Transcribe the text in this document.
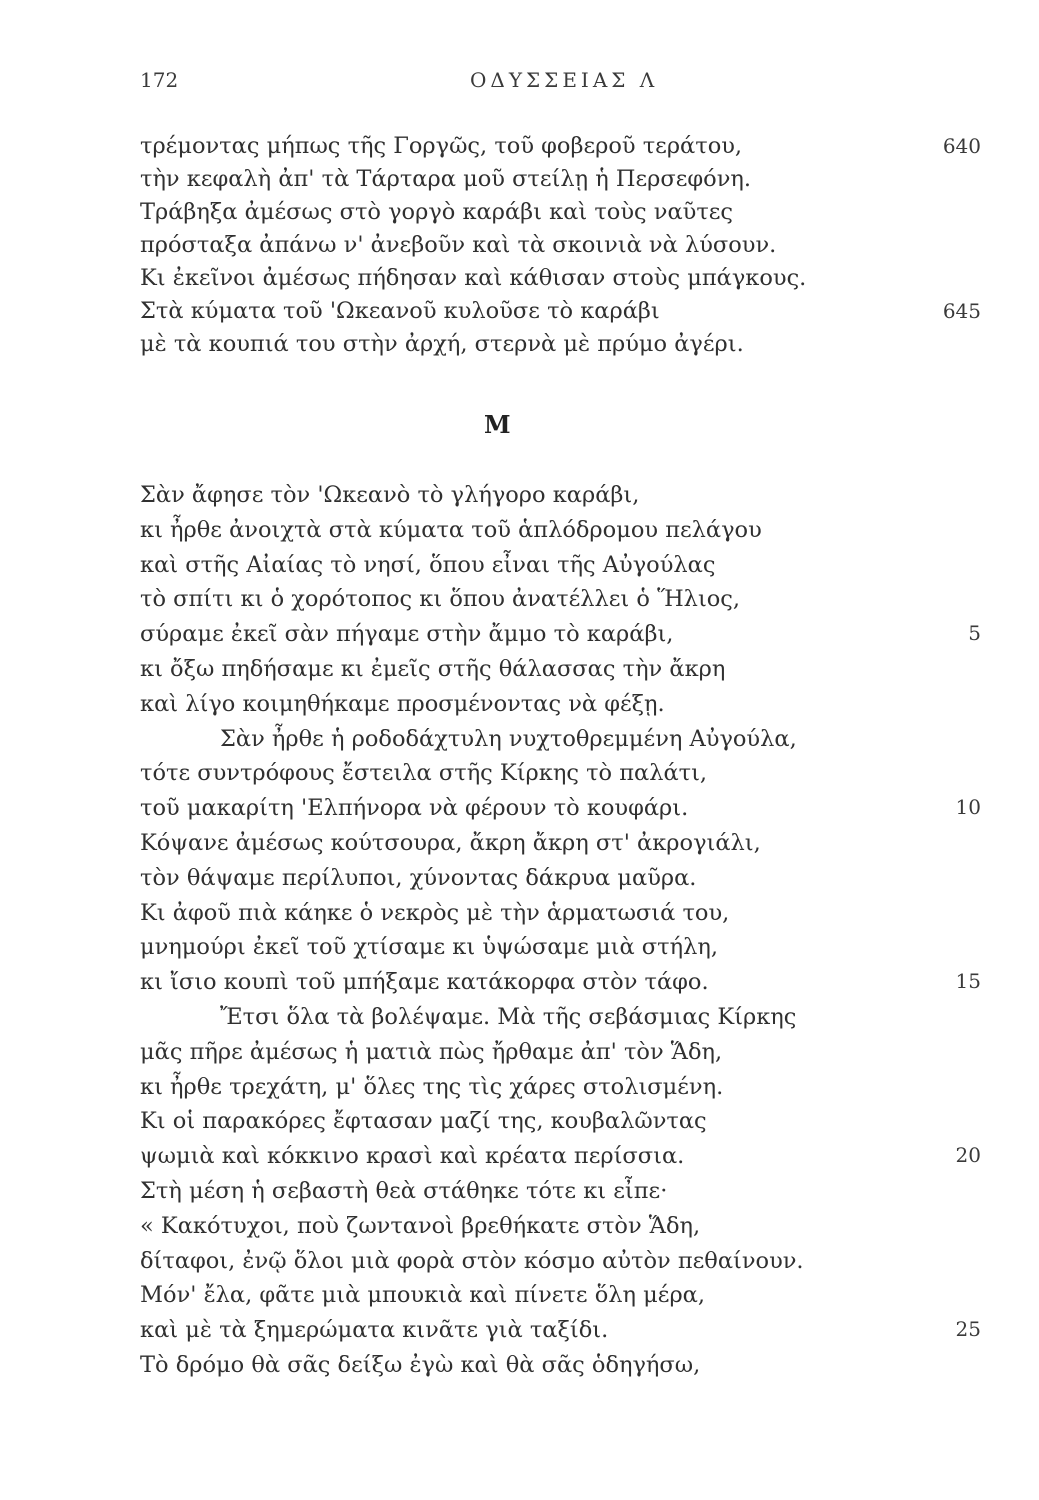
172	ΟΔΥΣΣΕΙΑΣ Λ
τρέμοντας μήπως τῆς Γοργῶς, τοῦ φοβεροῦ τεράτου,
τὴν κεφαλὴ ἀπ' τὰ Τάρταρα μοῦ στείλῃ ἡ Περσεφόνη.
Τράβηξα ἀμέσως στὸ γοργὸ καράβι καὶ τοὺς ναῦτες
πρόσταξα ἀπάνω ν' ἀνεβοῦν καὶ τὰ σκοινιὰ νὰ λύσουν.
Κι ἐκεῖνοι ἀμέσως πήδησαν καὶ κάθισαν στοὺς μπάγκους.
Στὰ κύματα τοῦ 'Ωκεανοῦ κυλοῦσε τὸ καράβι
μὲ τὰ κουπιά του στὴν ἀρχή, στερνὰ μὲ πρύμο ἀγέρι.
Μ
Σὰν ἄφησε τὸν 'Ωκεανὸ τὸ γλήγορο καράβι,
κι ἦρθε ἀνοιχτὰ στὰ κύματα τοῦ ἁπλόδρομου πελάγου
καὶ στῆς Αἰαίας τὸ νησί, ὅπου εἶναι τῆς Αὐγούλας
τὸ σπίτι κι ὁ χορότοπος κι ὅπου ἀνατέλλει ὁ Ἥλιος,
σύραμε ἐκεῖ σὰν πήγαμε στὴν ἄμμο τὸ καράβι,
κι ὄξω πηδήσαμε κι ἐμεῖς στῆς θάλασσας τὴν ἄκρη
καὶ λίγο κοιμηθήκαμε προσμένοντας νὰ φέξῃ.
Σὰν ἦρθε ἡ ροδοδάχτυλη νυχτοθρεμμένη Αὐγούλα,
τότε συντρόφους ἔστειλα στῆς Κίρκης τὸ παλάτι,
τοῦ μακαρίτη 'Ελπήνορα νὰ φέρουν τὸ κουφάρι.
Κόψανε ἀμέσως κούτσουρα, ἄκρη ἄκρη στ' ἀκρογιάλι,
τὸν θάψαμε περίλυποι, χύνοντας δάκρυα μαῦρα.
Κι ἀφοῦ πιὰ κάηκε ὁ νεκρὸς μὲ τὴν ἁρματωσιά του,
μνημούρι ἐκεῖ τοῦ χτίσαμε κι ὑψώσαμε μιὰ στήλη,
κι ἴσιο κουπὶ τοῦ μπήξαμε κατάκορφα στὸν τάφο.
Ἔτσι ὅλα τὰ βολέψαμε. Μὰ τῆς σεβάσμιας Κίρκης
μᾶς πῆρε ἀμέσως ἡ ματιὰ πὼς ἤρθαμε ἀπ' τὸν Ἅδη,
κι ἦρθε τρεχάτη, μ' ὅλες της τὶς χάρες στολισμένη.
Κι οἱ παρακόρες ἔφτασαν μαζί της, κουβαλῶντας
ψωμιὰ καὶ κόκκινο κρασὶ καὶ κρέατα περίσσια.
Στὴ μέση ἡ σεβαστὴ θεὰ στάθηκε τότε κι εἶπε·
« Κακότυχοι, ποὺ ζωντανοὶ βρεθήκατε στὸν Ἅδη,
δίταφοι, ἐνῷ ὅλοι μιὰ φορὰ στὸν κόσμο αὐτὸν πεθαίνουν.
Μόν' ἔλα, φᾶτε μιὰ μπουκιὰ καὶ πίνετε ὅλη μέρα,
καὶ μὲ τὰ ξημερώματα κινᾶτε γιὰ ταξίδι.
Τὸ δρόμο θὰ σᾶς δείξω ἐγὼ καὶ θὰ σᾶς ὁδηγήσω,
640
645
5
10
15
20
25
